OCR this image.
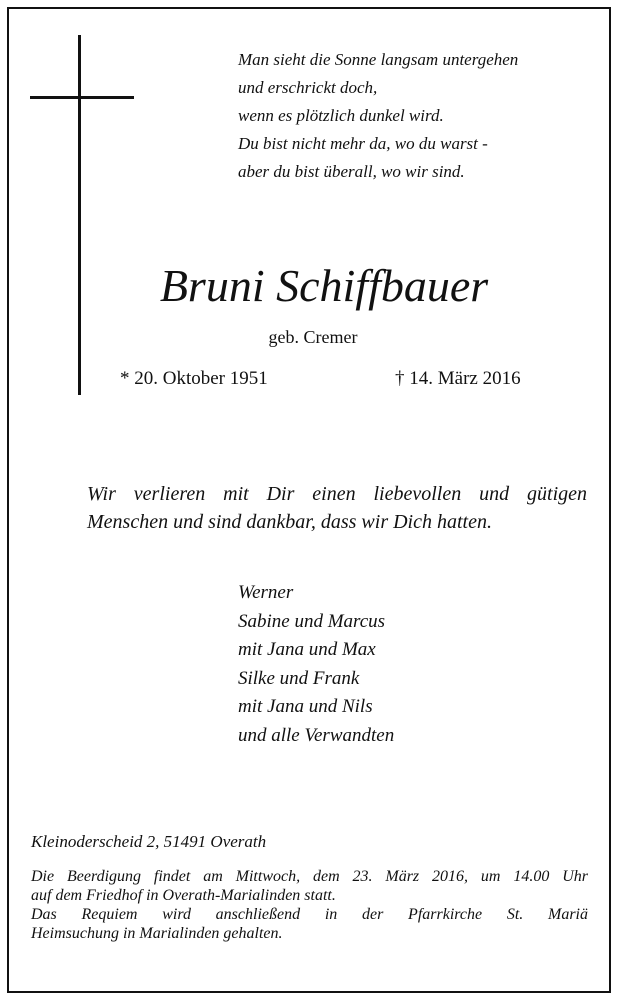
Man sieht die Sonne langsam untergehen
und erschrickt doch,
wenn es plötzlich dunkel wird.
Du bist nicht mehr da, wo du warst -
aber du bist überall, wo wir sind.
Bruni Schiffbauer
geb. Cremer
* 20. Oktober 1951	† 14. März 2016
Wir verlieren mit Dir einen liebevollen und gütigen
Menschen und sind dankbar, dass wir Dich hatten.
Werner
Sabine und Marcus
mit Jana und Max
Silke und Frank
mit Jana und Nils
und alle Verwandten
Kleinoderscheid 2, 51491 Overath
Die Beerdigung findet am Mittwoch, dem 23. März 2016, um 14.00 Uhr
auf dem Friedhof in Overath-Marialinden statt.
Das Requiem wird anschließend in der Pfarrkirche St. Mariä
Heimsuchung in Marialinden gehalten.
